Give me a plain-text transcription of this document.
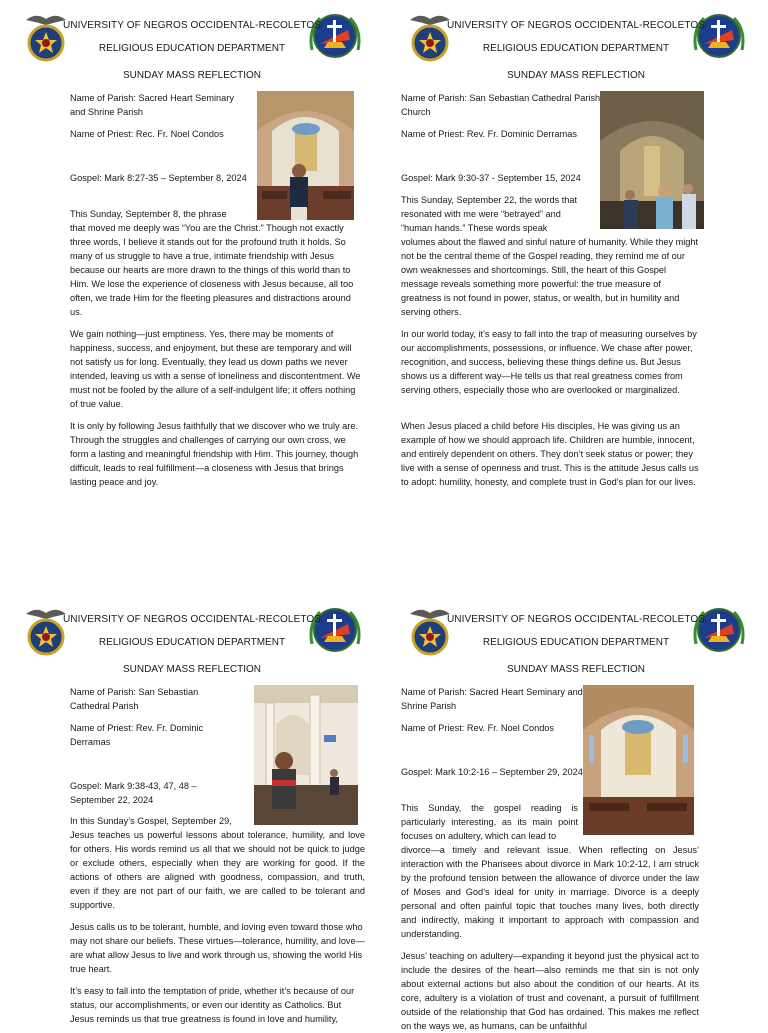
UNIVERSITY OF NEGROS OCCIDENTAL-RECOLETOS
RELIGIOUS EDUCATION DEPARTMENT
SUNDAY MASS REFLECTION
Name of Parish: Sacred Heart Seminary and Shrine Parish
Name of Priest: Rec. Fr. Noel Condos
Gospel: Mark 8:27-35 – September 8, 2024

This Sunday, September 8, the phrase

that moved me deeply was “You are the Christ.” Though not exactly three words, I believe it stands out for the profound truth it holds. So many of us struggle to have a true, intimate friendship with Jesus because our hearts are more drawn to the things of this world than to Him. We lose the experience of closeness with Jesus because, all too often, we trade Him for the fleeting pleasures and distractions around us.

We gain nothing—just emptiness. Yes, there may be moments of happiness, success, and enjoyment, but these are temporary and will not satisfy us for long. Eventually, they lead us down paths we never intended, leaving us with a sense of loneliness and discontentment. We must not be fooled by the allure of a self-indulgent life; it offers nothing of true value.

It is only by following Jesus faithfully that we discover who we truly are. Through the struggles and challenges of carrying our own cross, we form a lasting and meaningful friendship with Him. This journey, though difficult, leads to real fulfillment—a closeness with Jesus that brings lasting peace and joy.

UNIVERSITY OF NEGROS OCCIDENTAL-RECOLETOS
RELIGIOUS EDUCATION DEPARTMENT
SUNDAY MASS REFLECTION
Name of Parish: San Sebastian Cathedral Parish Church
Name of Priest: Rev. Fr. Dominic Derramas
Gospel: Mark 9:30-37 - September 15, 2024

This Sunday, September 22, the words that resonated with me were “betrayed” and “human hands.” These words speak

volumes about the flawed and sinful nature of humanity. While they might not be the central theme of the Gospel reading, they remind me of our own weaknesses and shortcomings. Still, the heart of this Gospel message reveals something more powerful: the true measure of greatness is not found in power, status, or wealth, but in humility and serving others.

In our world today, it’s easy to fall into the trap of measuring ourselves by our accomplishments, possessions, or influence. We chase after power, recognition, and success, believing these things define us. But Jesus shows us a different way—He tells us that real greatness comes from serving others, especially those who are overlooked or marginalized.

When Jesus placed a child before His disciples, He was giving us an example of how we should approach life. Children are humble, innocent, and entirely dependent on others. They don’t seek status or power; they live with a sense of openness and trust. This is the attitude Jesus calls us to adopt: humility, honesty, and complete trust in God’s plan for our lives.

UNIVERSITY OF NEGROS OCCIDENTAL-RECOLETOS
RELIGIOUS EDUCATION DEPARTMENT
SUNDAY MASS REFLECTION
Name of Parish: San Sebastian Cathedral Parish
Name of Priest: Rev. Fr. Dominic Derramas
Gospel: Mark 9:38-43, 47, 48 – September 22, 2024

In this Sunday’s Gospel, September 29,

Jesus teaches us powerful lessons about tolerance, humility, and love for others. His words remind us all that we should not be quick to judge or exclude others, especially when they are working for good. If the actions of others are aligned with goodness, compassion, and truth, even if they are not part of our faith, we are called to be tolerant and supportive.

Jesus calls us to be tolerant, humble, and loving even toward those who may not share our beliefs. These virtues—tolerance, humility, and love—are what allow Jesus to live and work through us, showing the world His true heart.

It’s easy to fall into the temptation of pride, whether it’s because of our status, our accomplishments, or even our identity as Catholics. But Jesus reminds us that true greatness is found in love and humility,

UNIVERSITY OF NEGROS OCCIDENTAL-RECOLETOS
RELIGIOUS EDUCATION DEPARTMENT
SUNDAY MASS REFLECTION
Name of Parish: Sacred Heart Seminary and Shrine Parish
Name of Priest: Rev. Fr. Noel Condos
Gospel: Mark 10:2-16 – September 29, 2024

This Sunday, the gospel reading is particularly interesting, as its main point focuses on adultery, which can lead to

divorce—a timely and relevant issue. When reflecting on Jesus’ interaction with the Pharisees about divorce in Mark 10:2-12, I am struck by the profound tension between the allowance of divorce under the law of Moses and God’s ideal for unity in marriage. Divorce is a deeply personal and often painful topic that touches many lives, both directly and indirectly, making it important to approach with compassion and understanding.

Jesus’ teaching on adultery—expanding it beyond just the physical act to include the desires of the heart—also reminds me that sin is not only about external actions but also about the condition of our hearts. At its core, adultery is a violation of trust and covenant, a pursuit of fulfillment outside of the relationship that God has ordained. This makes me reflect on the ways we, as humans, can be unfaithful
